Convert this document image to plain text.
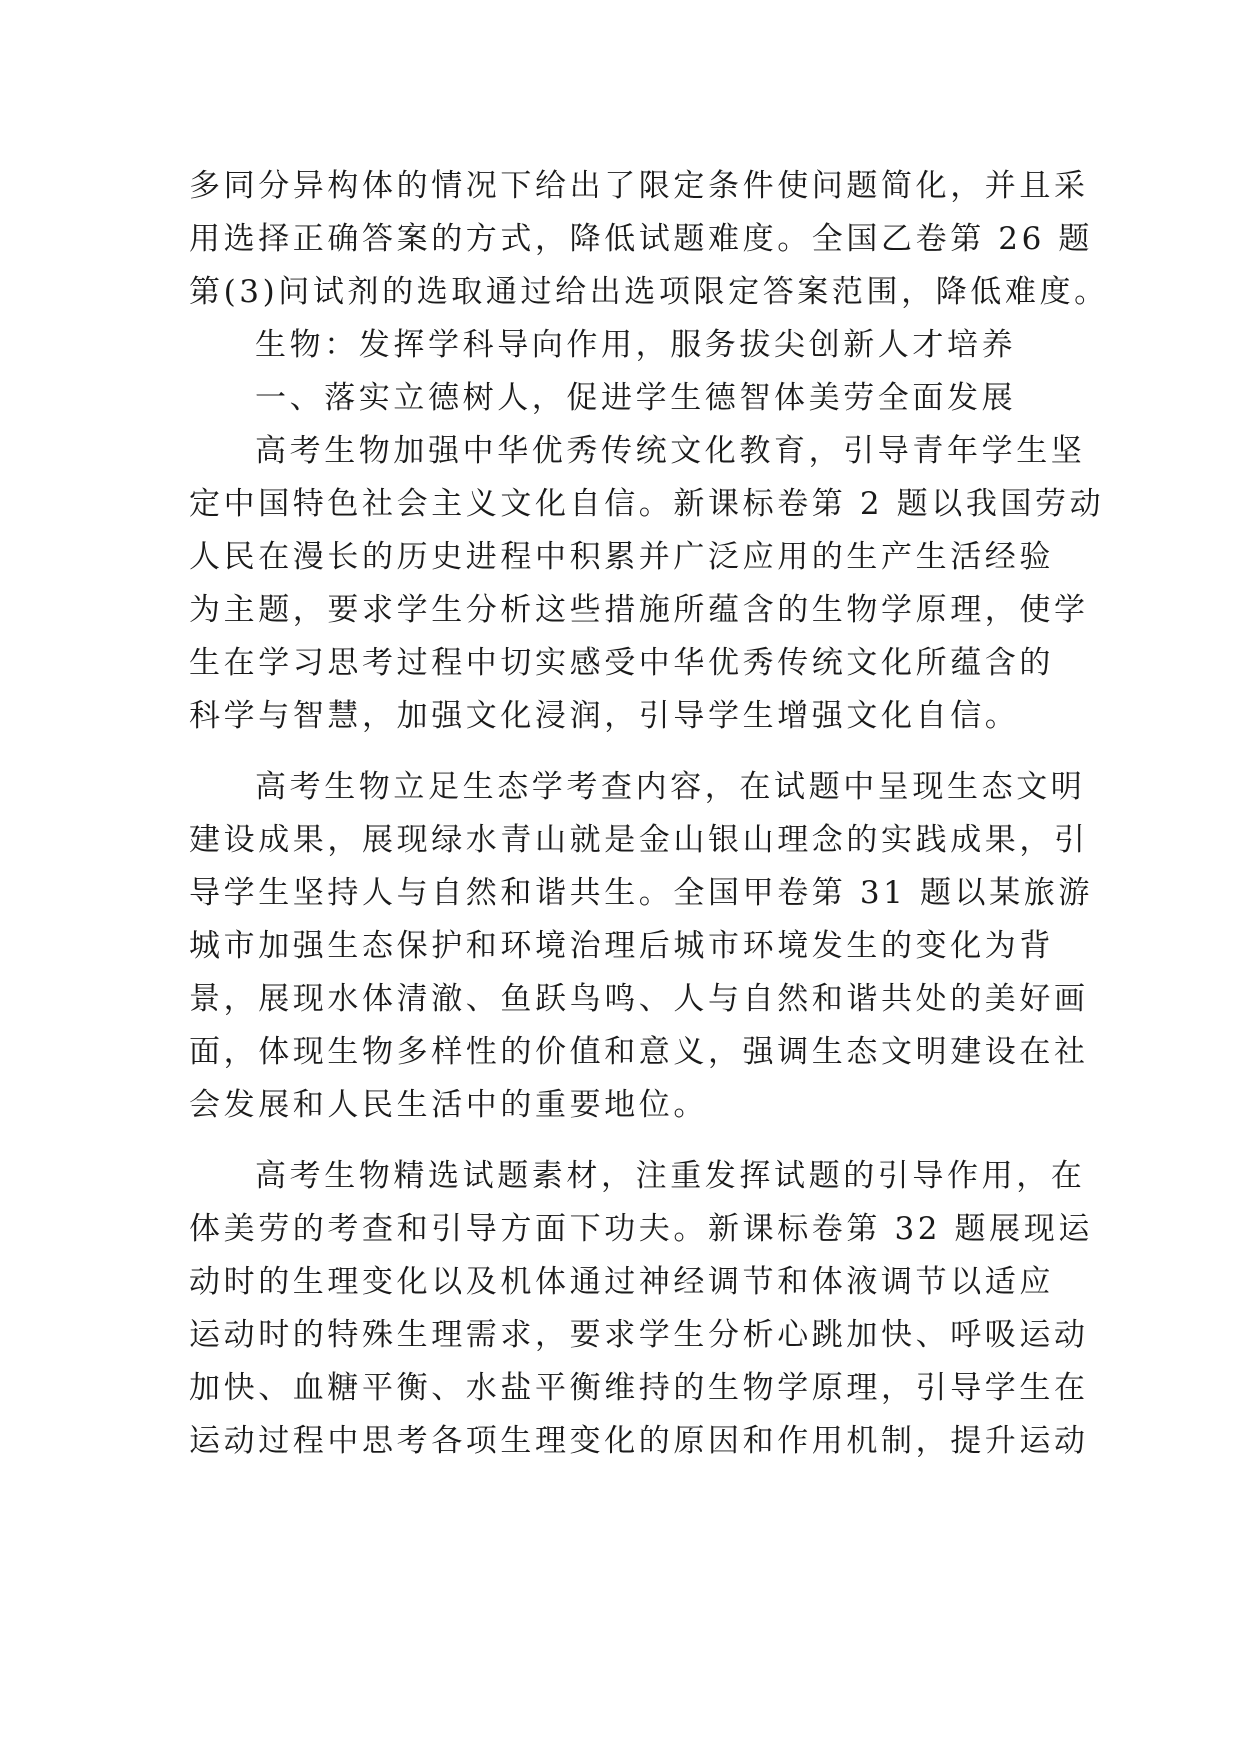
多同分异构体的情况下给出了限定条件使问题简化，并且采
用选择正确答案的方式，降低试题难度。全国乙卷第 26 题
第(3)问试剂的选取通过给出选项限定答案范围，降低难度。
生物：发挥学科导向作用，服务拔尖创新人才培养
一、落实立德树人，促进学生德智体美劳全面发展
高考生物加强中华优秀传统文化教育，引导青年学生坚
定中国特色社会主义文化自信。新课标卷第 2 题以我国劳动
人民在漫长的历史进程中积累并广泛应用的生产生活经验
为主题，要求学生分析这些措施所蕴含的生物学原理，使学
生在学习思考过程中切实感受中华优秀传统文化所蕴含的
科学与智慧，加强文化浸润，引导学生增强文化自信。
高考生物立足生态学考查内容，在试题中呈现生态文明
建设成果，展现绿水青山就是金山银山理念的实践成果，引
导学生坚持人与自然和谐共生。全国甲卷第 31 题以某旅游
城市加强生态保护和环境治理后城市环境发生的变化为背
景，展现水体清澈、鱼跃鸟鸣、人与自然和谐共处的美好画
面，体现生物多样性的价值和意义，强调生态文明建设在社
会发展和人民生活中的重要地位。
高考生物精选试题素材，注重发挥试题的引导作用，在
体美劳的考查和引导方面下功夫。新课标卷第 32 题展现运
动时的生理变化以及机体通过神经调节和体液调节以适应
运动时的特殊生理需求，要求学生分析心跳加快、呼吸运动
加快、血糖平衡、水盐平衡维持的生物学原理，引导学生在
运动过程中思考各项生理变化的原因和作用机制，提升运动
